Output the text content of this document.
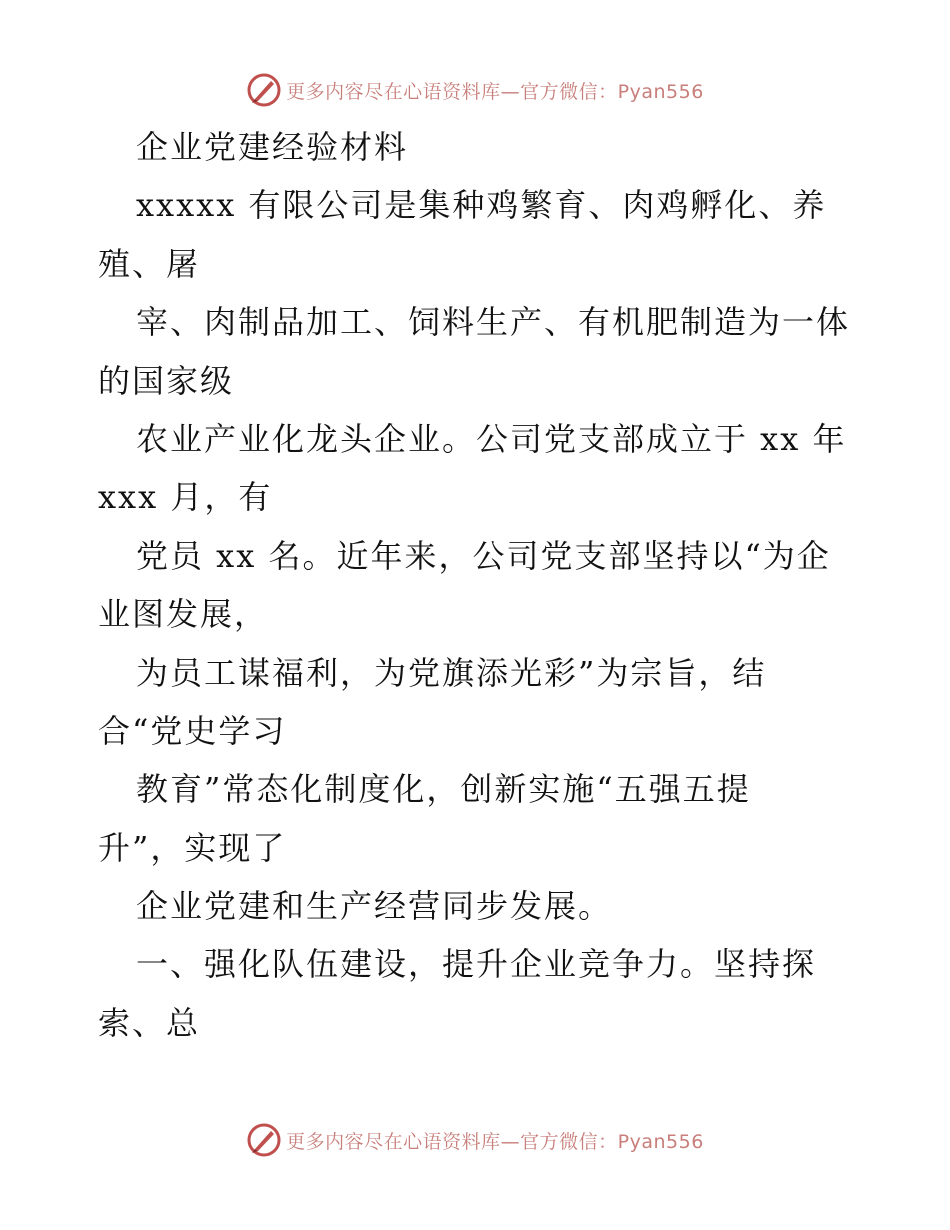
更多内容尽在心语资料库—官方微信：Pyan556
企业党建经验材料
xxxxx 有限公司是集种鸡繁育、肉鸡孵化、养
殖、屠
宰、肉制品加工、饲料生产、有机肥制造为一体
的国家级
农业产业化龙头企业。公司党支部成立于 xx 年
xxx 月，有
党员 xx 名。近年来，公司党支部坚持以“为企
业图发展，
为员工谋福利，为党旗添光彩”为宗旨，结
合“党史学习
教育”常态化制度化，创新实施“五强五提
升”，实现了
企业党建和生产经营同步发展。
一、强化队伍建设，提升企业竞争力。坚持探
索、总
更多内容尽在心语资料库—官方微信：Pyan556
